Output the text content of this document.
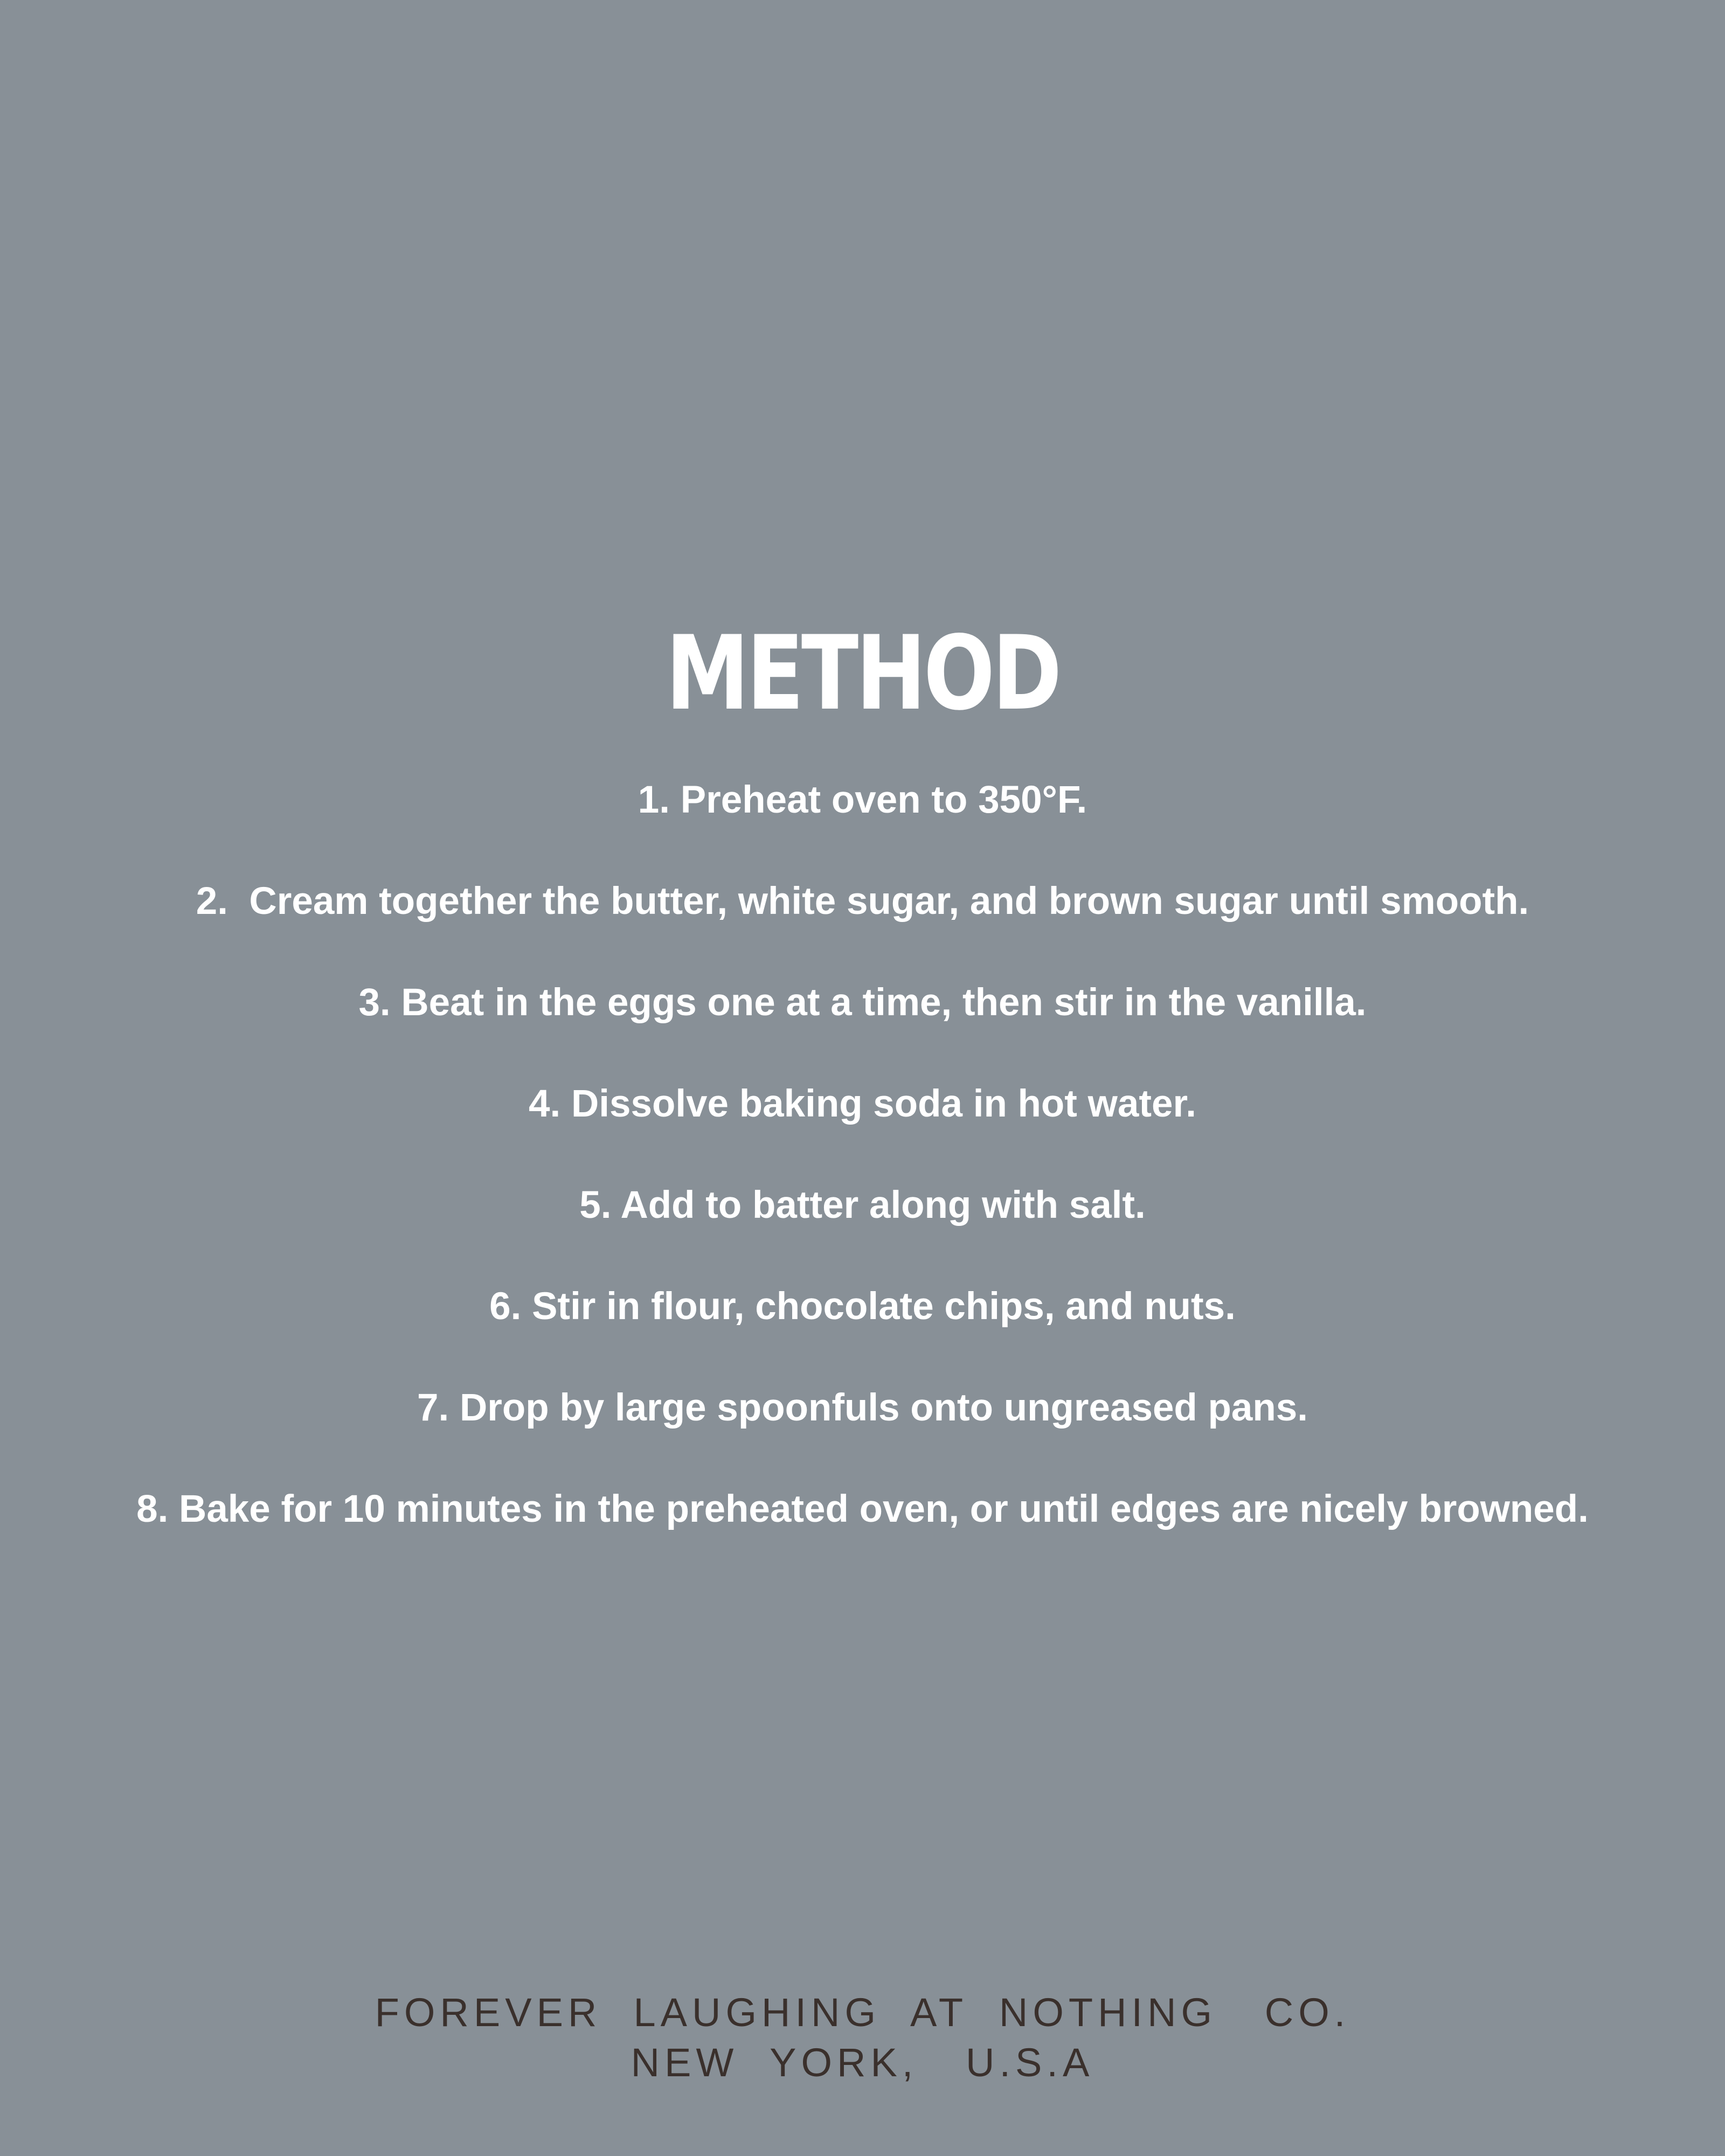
METHOD
1. Preheat oven to 350°F.
2.  Cream together the butter, white sugar, and brown sugar until smooth.
3. Beat in the eggs one at a time, then stir in the vanilla.
4. Dissolve baking soda in hot water.
5. Add to batter along with salt.
6. Stir in flour, chocolate chips, and nuts.
7. Drop by large spoonfuls onto ungreased pans.
8. Bake for 10 minutes in the preheated oven, or until edges are nicely browned.

FOREVER  LAUGHING  AT  NOTHING   CO.

NEW  YORK,   U.S.A
